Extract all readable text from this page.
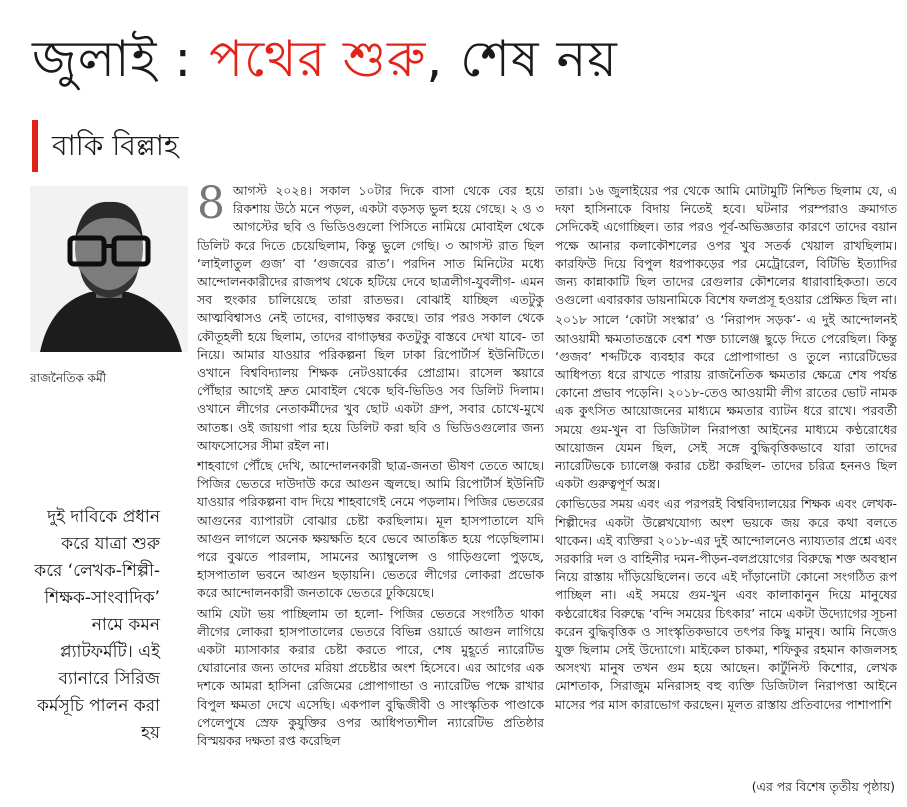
জুলাই : পথের শুরু, শেষ নয়
বাকি বিল্লাহ
রাজনৈতিক কর্মী
দুই দাবিকে প্রধান করে যাত্রা শুরু করে ‘লেখক-শিল্পী-শিক্ষক-সাংবাদিক’ নামে কমন প্ল্যাটফর্মটি। এই ব্যানারে সিরিজ কর্মসূচি পালন করা হয়
8 আগস্ট ২০২৪। সকাল ১০টার দিকে বাসা থেকে বের হয়ে রিকশায় উঠে মনে পড়ল, একটা বড়সড় ভুল হয়ে গেছে। ২ ও ৩ আগস্টের ছবি ও ভিডিওগুলো পিসিতে নামিয়ে মোবাইল থেকে ডিলিট করে দিতে চেয়েছিলাম, কিন্তু ভুলে গেছি। ৩ আগস্ট রাত ছিল ‘লাইলাতুল গুজ’ বা ‘গুজবের রাত’। পরদিন সাত মিনিটের মধ্যে আন্দোলনকারীদের রাজপথ থেকে হটিয়ে দেবে ছাত্রলীগ-যুবলীগ- এমন সব হুংকার চালিয়েছে তারা রাতভর। বোঝাই যাচ্ছিল এতটুকু আত্মবিশ্বাসও নেই তাদের, বাগাড়ম্বর করছে। তার পরও সকাল থেকে কৌতূহলী হয়ে ছিলাম, তাদের বাগাড়ম্বর কতটুকু বাস্তবে দেখা যাবে- তা নিয়ে। আমার যাওয়ার পরিকল্পনা ছিল ঢাকা রিপোর্টার্স ইউনিটিতে। ওখানে বিশ্ববিদ্যালয় শিক্ষক নেটওয়ার্কের প্রোগ্রাম। রাসেল স্কয়ারে পৌঁছার আগেই দ্রুত মোবাইল থেকে ছবি-ভিডিও সব ডিলিট দিলাম। ওখানে লীগের নেতাকর্মীদের খুব ছোট একটা গ্রুপ, সবার চোখে-মুখে আতঙ্ক। ওই জায়গা পার হয়ে ডিলিট করা ছবি ও ভিডিওগুলোর জন্য আফসোসের সীমা রইল না।

শাহবাগে পৌঁছে দেখি, আন্দোলনকারী ছাত্র-জনতা ভীষণ তেতে আছে। পিজির ভেতরে দাউদাউ করে আগুন জ্বলছে। আমি রিপোর্টার্স ইউনিটি যাওয়ার পরিকল্পনা বাদ দিয়ে শাহবাগেই নেমে পড়লাম। পিজির ভেতরের আগুনের ব্যাপারটা বোঝার চেষ্টা করছিলাম। মূল হাসপাতালে যদি আগুন লাগলে অনেক ক্ষয়ক্ষতি হবে ভেবে আতঙ্কিত হয়ে পড়েছিলাম। পরে বুঝতে পারলাম, সামনের অ্যাম্বুলেন্স ও গাড়িগুলো পুড়ছে, হাসপাতাল ভবনে আগুন ছড়ায়নি। ভেতরে লীগের লোকরা প্রভোক করে আন্দোলনকারী জনতাকে ভেতরে ঢুকিয়েছে।

আমি যেটা ভয় পাচ্ছিলাম তা হলো- পিজির ভেতরে সংগঠিত থাকা লীগের লোকরা হাসপাতালের ভেতরে বিভিন্ন ওয়ার্ডে আগুন লাগিয়ে একটা ম্যাসাকার করার চেষ্টা করতে পারে, শেষ মুহূর্তে ন্যারেটিভ ঘোরানোর জন্য তাদের মরিয়া প্রচেষ্টার অংশ হিসেবে। এর আগের এক দশকে আমরা হাসিনা রেজিমের প্রোপাগান্ডা ও ন্যারেটিভ পক্ষে রাখার বিপুল ক্ষমতা দেখে এসেছি। একপাল বুদ্ধিজীবী ও সাংস্কৃতিক পাণ্ডাকে পেলেপুষে স্রেফ কুযুক্তির ওপর আধিপত্যশীল ন্যারেটিভ প্রতিষ্ঠার বিস্ময়কর দক্ষতা রপ্ত করেছিল

তারা। ১৬ জুলাইয়ের পর থেকে আমি মোটামুটি নিশ্চিত ছিলাম যে, এ দফা হাসিনাকে বিদায় নিতেই হবে। ঘটনার পরম্পরাও ক্রমাগত সেদিকেই এগোচ্ছিল। তার পরও পূর্ব-অভিজ্ঞতার কারণে তাদের বয়ান পক্ষে আনার কলাকৌশলের ওপর খুব সতর্ক খেয়াল রাখছিলাম। কারফিউ দিয়ে বিপুল ধরপাকড়ের পর মেট্রোরেল, বিটিভি ইত্যাদির জন্য কান্নাকাটি ছিল তাদের রেগুলার কৌশলের ধারাবাহিকতা। তবে ওগুলো এবারকার ডায়নামিকে বিশেষ ফলপ্রসূ হওয়ার প্রেক্ষিত ছিল না।

২০১৮ সালে ‘কোটা সংস্কার’ ও ‘নিরাপদ সড়ক’- এ দুই আন্দোলনই আওয়ামী ক্ষমতাতন্ত্রকে বেশ শক্ত চ্যালেঞ্জ ছুড়ে দিতে পেরেছিল। কিন্তু ‘গুজব’ শব্দটিকে ব্যবহার করে প্রোপাগান্ডা ও তুলে ন্যারেটিভের আধিপত্য ধরে রাখতে পারায় রাজনৈতিক ক্ষমতার ক্ষেত্রে শেষ পর্যন্ত কোনো প্রভাব পড়েনি। ২০১৮-তেও আওয়ামী লীগ রাতের ভোট নামক এক কুৎসিত আয়োজনের মাধ্যমে ক্ষমতার ব্যাটন ধরে রাখে। পরবর্তী সময়ে গুম-খুন বা ডিজিটাল নিরাপত্তা আইনের মাধ্যমে কণ্ঠরোধের আয়োজন যেমন ছিল, সেই সঙ্গে বুদ্ধিবৃত্তিকভাবে যারা তাদের ন্যারেটিভকে চ্যালেঞ্জ করার চেষ্টা করছিল- তাদের চরিত্র হননও ছিল একটা গুরুত্বপূর্ণ অস্ত্র।

কোভিডের সময় এবং এর পরপরই বিশ্ববিদ্যালয়ের শিক্ষক এবং লেখক-শিল্পীদের একটা উল্লেখযোগ্য অংশ ভয়কে জয় করে কথা বলতে থাকেন। এই ব্যক্তিরা ২০১৮-এর দুই আন্দোলনেও ন্যায্যতার প্রশ্নে এবং সরকারি দল ও বাহিনীর দমন-পীড়ন-বলপ্রয়োগের বিরুদ্ধে শক্ত অবস্থান নিয়ে রাস্তায় দাঁড়িয়েছিলেন। তবে এই দাঁড়ানোটা কোনো সংগঠিত রূপ পাচ্ছিল না। এই সময়ে গুম-খুন এবং কালাকানুন দিয়ে মানুষের কণ্ঠরোধের বিরুদ্ধে ‘বন্দি সময়ের চিৎকার’ নামে একটা উদ্যোগের সূচনা করেন বুদ্ধিবৃত্তিক ও সাংস্কৃতিকভাবে তৎপর কিছু মানুষ। আমি নিজেও যুক্ত ছিলাম সেই উদ্যোগে। মাইকেল চাকমা, শফিকুর রহমান কাজলসহ অসংখ্য মানুষ তখন গুম হয়ে আছেন। কার্টুনিস্ট কিশোর, লেখক মোশতাক, সিরাজুম মনিরাসহ বহু ব্যক্তি ডিজিটাল নিরাপত্তা আইনে মাসের পর মাস কারাভোগ করছেন। মূলত রাস্তায় প্রতিবাদের পাশাপাশি

(এর পর বিশেষ তৃতীয় পৃষ্ঠায়)
